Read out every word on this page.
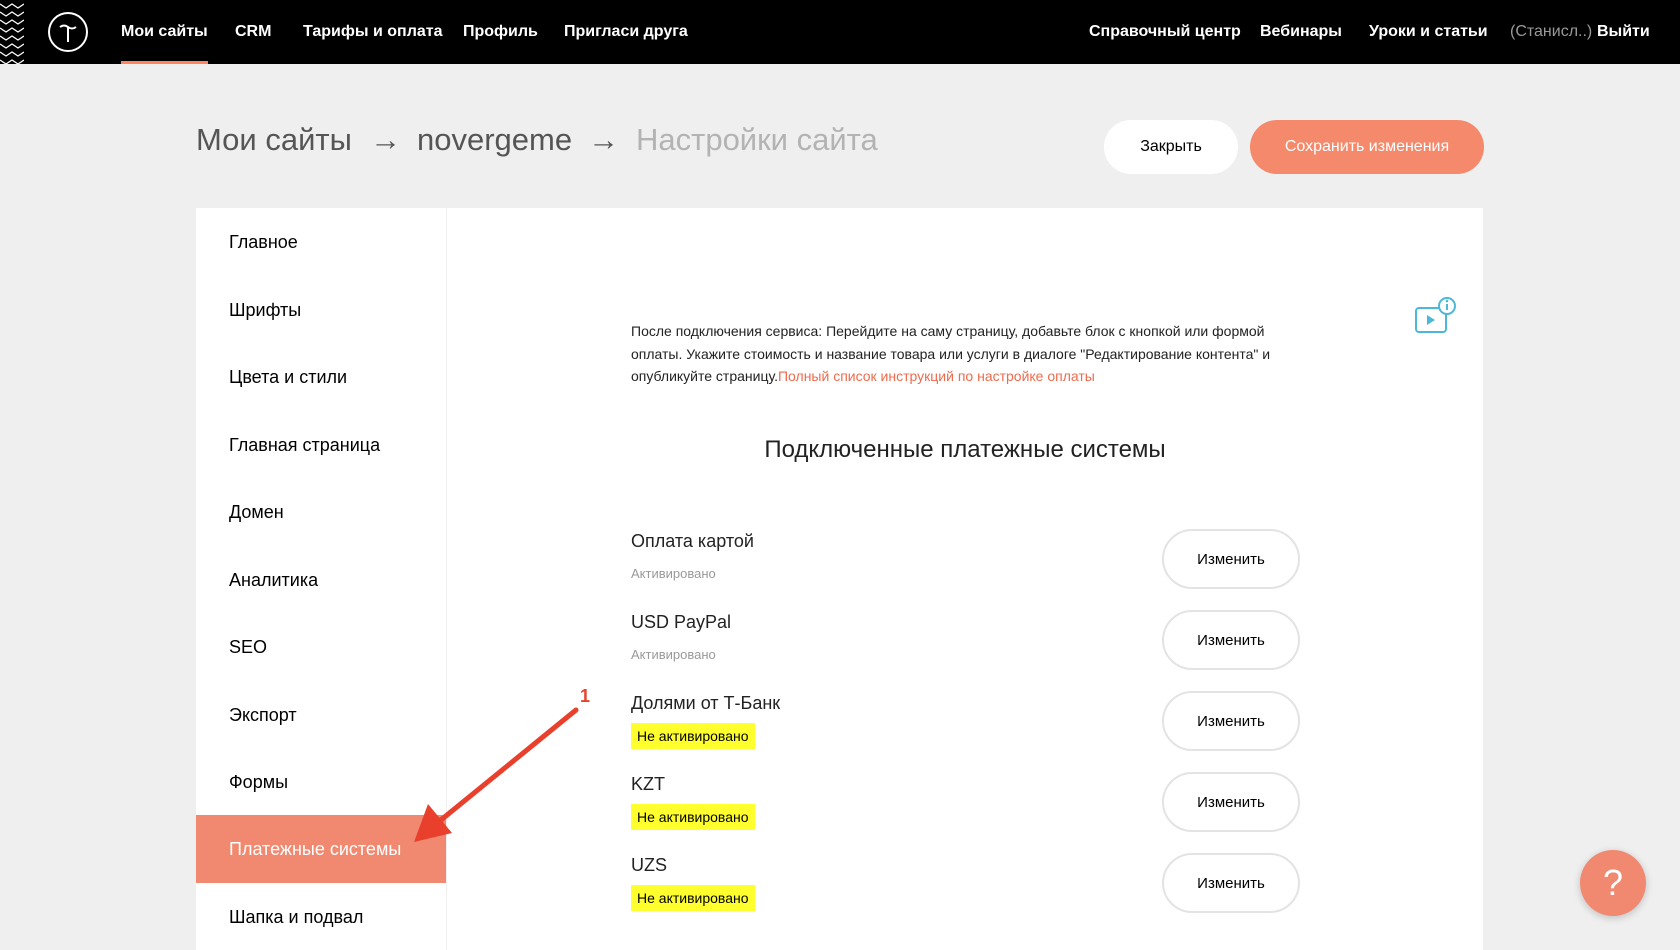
Мои сайты CRM Тарифы и оплата Профиль Пригласи друга	Справочный центр Вебинары Уроки и статьи (Станисл..) Выйти
Мои сайты → novergeme → Настройки сайта	Закрыть	Сохранить изменения
Главное
Шрифты
Цвета и стили
Главная страница
Домен
Аналитика
SEO
Экспорт
Формы
Платежные системы
Шапка и подвал
После подключения сервиса: Перейдите на саму страницу, добавьте блок с кнопкой или формой оплаты. Укажите стоимость и название товара или услуги в диалоге "Редактирование контента" и опубликуйте страницу.Полный список инструкций по настройке оплаты
Подключенные платежные системы
Оплата картой
Активировано
Изменить
USD PayPal
Активировано
Изменить
Долями от Т-Банк
Не активировано
Изменить
KZT
Не активировано
Изменить
UZS
Не активировано
Изменить
1
?
